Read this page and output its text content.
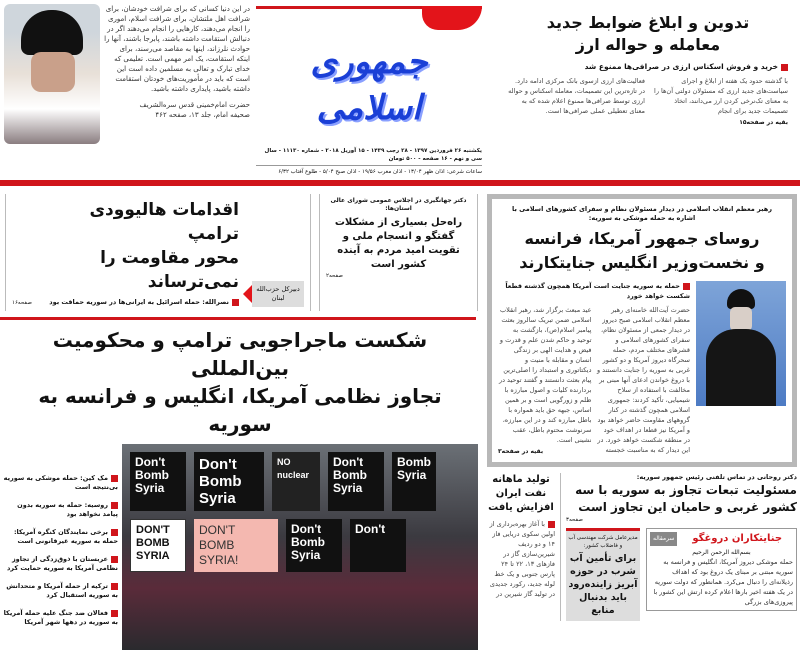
در این دنیا کسانی که برای شرافت خودشان، برای شرافت اهل ملتشان، برای شرافت اسلام، اموری را انجام می‌دهند، کارهایی را انجام می‌دهند اگر در دنبالش استقامت داشته باشند، پابرجا باشند، آنها را حوادث نلرزاند، اینها به مقاصد می‌رسند، برای اینکه استقامت، یک امر مهمی است. تعلیمی که خدای تبارک و تعالی به مسلمین داده است این است که باید در مأموریت‌های خودتان استقامت داشته باشید، پایداری داشته باشید.
حضرت امام‌خمینی قدس سره‌الشریف
صحیفه امام، جلد ۱۳، صفحه ۴۶۲
جمهوری اسلامی
یکشنبه ۲۶ فروردین ۱۳۹۷ - ۲۸ رجب ۱۴۳۹ - ۱۵ آوریل ۲۰۱۸ - شماره ۱۱۱۳۰ - سال سی و نهم - ۱۶ صفحه - ۵۰۰ تومان
ساعات شرعی: اذان ظهر ۱۳/۰۴ - اذان مغرب ۱۹/۵۶ - اذان صبح ۵/۰۴ - طلوع آفتاب ۶/۳۲
تدوین و ابلاغ ضوابط جدید
معامله و حواله ارز
خرید و فروش اسکناس ارزی در صرافی‌ها ممنوع شد
فعالیت‌های ارزی ازسوی بانک مرکزی ادامه دارد. در تازه‌ترین این تصمیمات، معامله اسکناس و حواله ارزی توسط صرافی‌ها ممنوع اعلام شده که به معنای تعطیلی عملی صرافی‌ها است.
با گذشته حدود یک هفته از ابلاغ و اجرای سیاست‌های جدید ارزی که مسئولان دولتی آن‌ها را به معنای تک‌نرخی کردن ارز می‌دانند، اتخاذ تصمیمات جدید برای انجام
بقیه در صفحه۱۵
صفحه۱۶
اقدامات هالیوودی ترامپ
محور مقاومت را نمی‌ترساند
نصرالله: حمله اسرائیل به ایرانی‌ها در سوریه حماقت بود
دبیرکل حزب‌الله لبنان
دکتر جهانگیری در اجلاس عمومی شورای عالی استان‌ها:
راه‌حل بسیاری از مشکلات گفتگو و انسجام ملی و تقویت امید مردم به آینده کشور است
صفحه۲
شکست ماجراجویی ترامپ و محکومیت بین‌المللی
تجاوز نظامی آمریکا، انگلیس و فرانسه به سوریه
مک کین: حمله موشکی به سوریه بی‌نتیجه است
روسیه: حمله به سوریه بدون پیامد نخواهد بود
برخی نمایندگان کنگره آمریکا: حمله به سوریه غیرقانونی است
عربستان با ذوق‌زدگی از تجاوز نظامی آمریکا به سوریه حمایت کرد
ترکیه از حمله آمریکا و متحدانش به سوریه استقبال کرد
فعالان ضد جنگ علیه حمله آمریکا به سوریه در دهها شهر آمریکا
Don't Bomb Syria
Don't Bomb Syria
NO nuclear
Don't Bomb Syria
Bomb Syria
DON'T BOMB SYRIA
DON'T BOMB SYRIA!
Don't Bomb Syria
Don't
رهبر معظم انقلاب اسلامی در دیدار مسئولان نظام و سفرای کشورهای اسلامی با اشاره به حمله موشکی به سوریه:
روسای جمهور آمریکا، فرانسه
و نخست‌وزیر انگلیس جنایتکارند
حمله به سوریه جنایت است آمریکا همچون گذشته قطعاً شکست خواهد خورد
عید مبعث برگزار شد، رهبر انقلاب اسلامی ضمن تبریک سالروز بعثت پیامبر اسلام(ص)، بازگشت به توحید و حاکم شدن علم و قدرت و فیض و هدایت الهی بر زندگی انسان و مقابله با منیت و دیکتاتوری و استبداد را اصلی‌ترین پیام بعثت دانستند و گفتند توحید در بردارنده کلیات و اصول مبارزه با ظلم و زورگویی است و بر همین اساس، جبهه حق باید همواره با باطل مبارزه کند و در این مبارزه، سرنوشت محتوم باطل، عقب نشینی است.
بقیه در صفحه۳
حضرت آیت‌الله خامنه‌ای رهبر معظم انقلاب اسلامی صبح دیروز در دیدار جمعی از مسئولان نظام، سفرای کشورهای اسلامی و قشرهای مختلف مردم، حمله سحرگاه دیروز آمریکا و دو کشور غربی به سوریه را جنایت دانستند و با دروغ خواندن ادعای آنها مبنی بر مخالفت با استفاده از سلاح شیمیایی، تأکید کردند: جمهوری اسلامی همچون گذشته در کنار گروههای مقاومت حاضر خواهد بود و آمریکا نیز قطعا در اهداف خود در منطقه شکست خواهد خورد. در این دیدار که به مناسبت خجسته
تولید ماهانه نفت ایران افزایش یافت
با آغاز بهره‌برداری از اولین سکوی دریایی فاز ۱۴ و دو ردیف شیرین‌سازی گاز در فازهای ۱۳، ۲۲ تا ۲۴ پارس جنوبی و یک خط لوله جدید، رکورد جدیدی در تولید گاز شیرین در
دکتر روحانی در تماس تلفنی رئیس جمهور سوریه:
مسئولیت تبعات تجاوز به سوریه با سه کشور غربی و حامیان این تجاوز است
صفحه۳
مدیرعامل شرکت مهندسی آب و فاضلاب کشور:
برای تأمین آب شرب در حوزه آبریز زاینده‌رود باید بدنبال منابع
سرمقاله	جنایتکاران دروغگو
بسم‌الله الرحمن الرحیم
حمله موشکی دیروز آمریکا، انگلیس و فرانسه به سوریه مبتنی بر مبنای یک دروغ بود که اهداف رذیلانه‌ای را دنبال می‌کرد. همانطور که دولت سوریه در یک هفته اخیر بارها اعلام کرده ارتش این کشور با پیروزی‌های بزرگی
